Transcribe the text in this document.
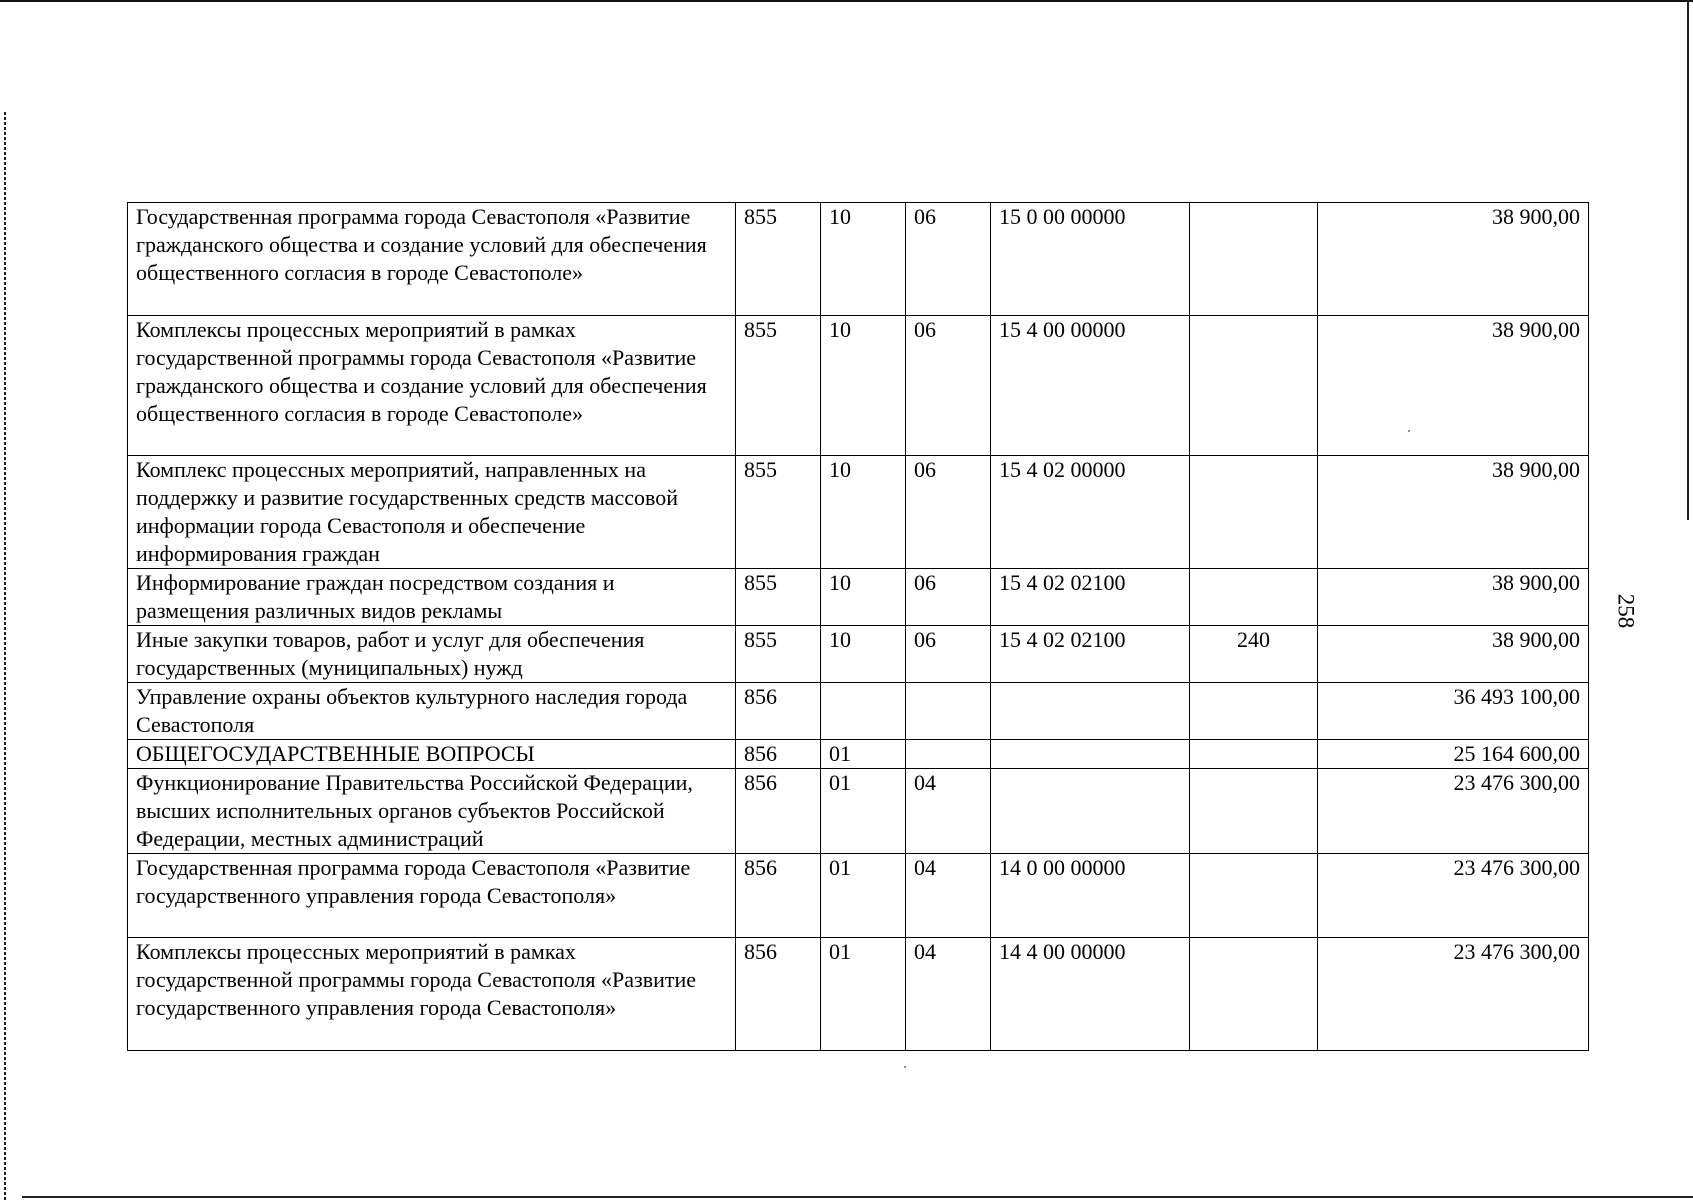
258
Государственная программа города Севастополя «Развитие гражданского общества и создание условий для обеспечения общественного согласия в городе Севастополе»	855	10	06	15 0 00 00000		38 900,00
Комплексы процессных мероприятий в рамках государственной программы города Севастополя «Развитие гражданского общества и создание условий для обеспечения общественного согласия в городе Севастополе»	855	10	06	15 4 00 00000		38 900,00
Комплекс процессных мероприятий, направленных на поддержку и развитие государственных средств массовой информации города Севастополя и обеспечение информирования граждан	855	10	06	15 4 02 00000		38 900,00
Информирование граждан посредством создания и размещения различных видов рекламы	855	10	06	15 4 02 02100		38 900,00
Иные закупки товаров, работ и услуг для обеспечения государственных (муниципальных) нужд	855	10	06	15 4 02 02100	240	38 900,00
Управление охраны объектов культурного наследия города Севастополя	856					36 493 100,00
ОБЩЕГОСУДАРСТВЕННЫЕ ВОПРОСЫ	856	01				25 164 600,00
Функционирование Правительства Российской Федерации, высших исполнительных органов субъектов Российской Федерации, местных администраций	856	01	04			23 476 300,00
Государственная программа города Севастополя «Развитие государственного управления города Севастополя»	856	01	04	14 0 00 00000		23 476 300,00
Комплексы процессных мероприятий в рамках государственной программы города Севастополя «Развитие государственного управления города Севастополя»	856	01	04	14 4 00 00000		23 476 300,00
